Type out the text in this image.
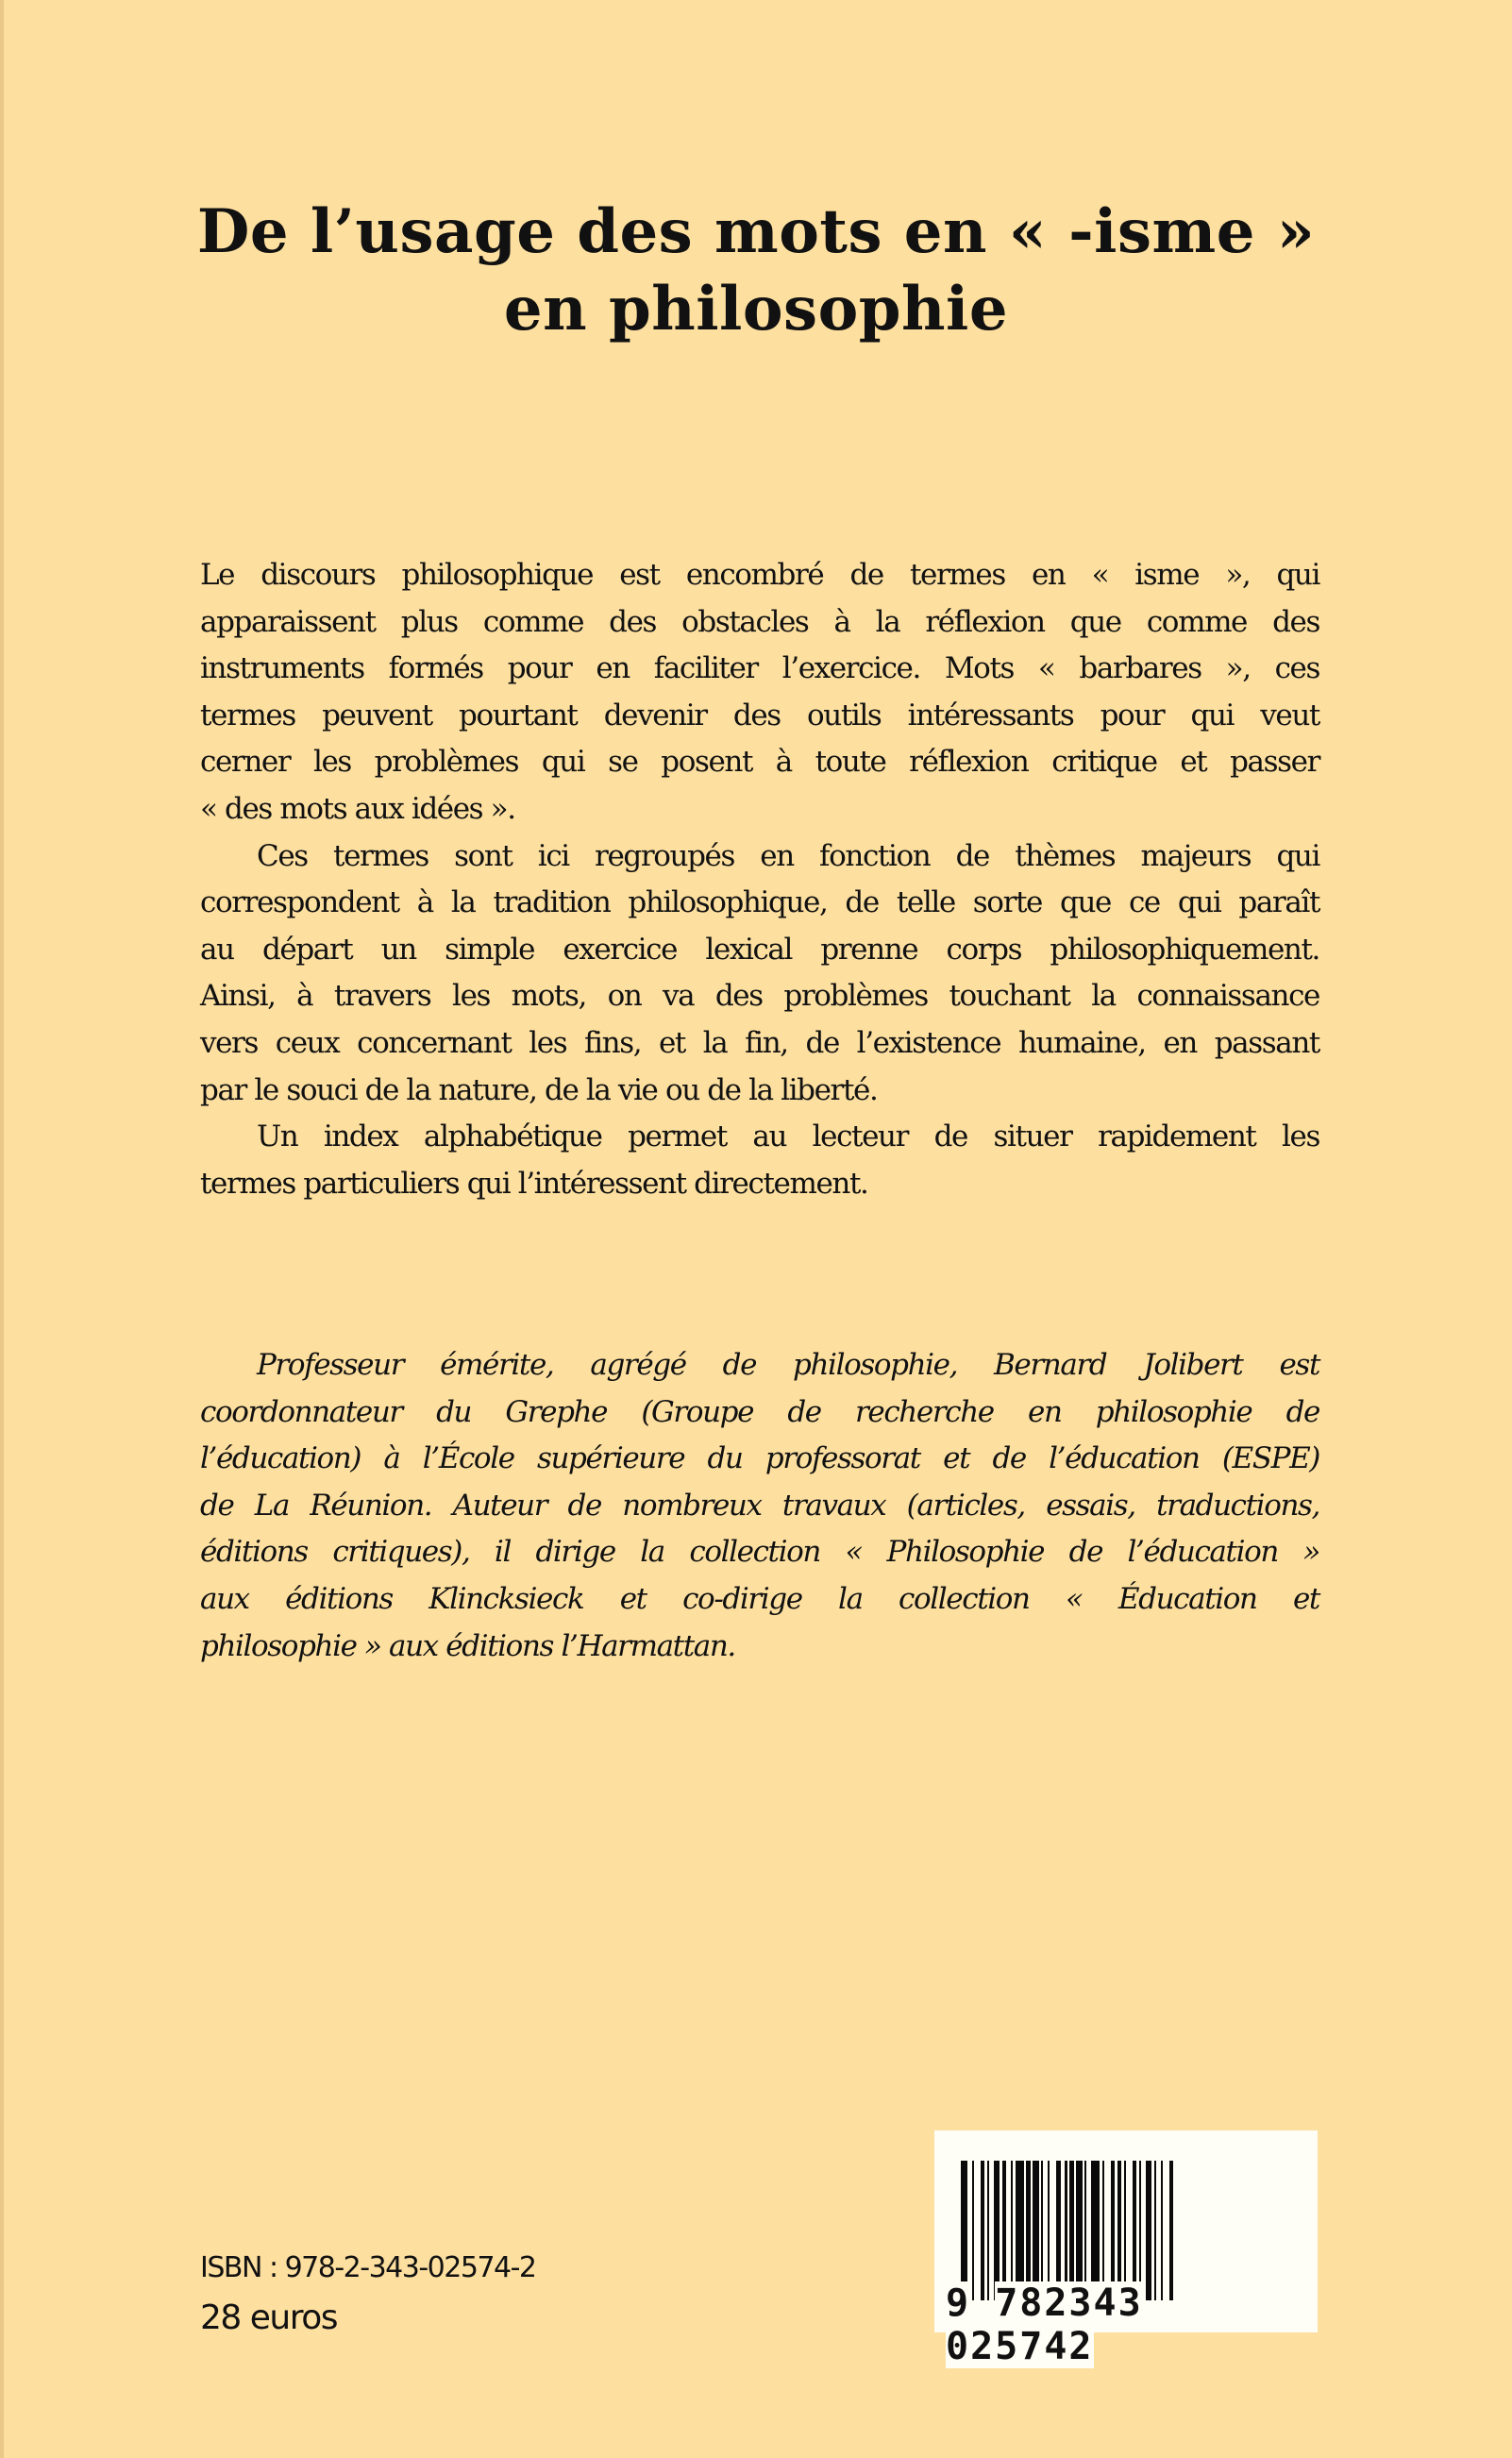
De l’usage des mots en « -isme »
en philosophie
Le discours philosophique est encombré de termes en « isme », qui
apparaissent plus comme des obstacles à la réflexion que comme des
instruments formés pour en faciliter l’exercice. Mots « barbares », ces
termes peuvent pourtant devenir des outils intéressants pour qui veut
cerner les problèmes qui se posent à toute réflexion critique et passer
« des mots aux idées ».
Ces termes sont ici regroupés en fonction de thèmes majeurs qui
correspondent à la tradition philosophique, de telle sorte que ce qui paraît
au départ un simple exercice lexical prenne corps philosophiquement.
Ainsi, à travers les mots, on va des problèmes touchant la connaissance
vers ceux concernant les fins, et la fin, de l’existence humaine, en passant
par le souci de la nature, de la vie ou de la liberté.
Un index alphabétique permet au lecteur de situer rapidement les
termes particuliers qui l’intéressent directement.
Professeur émérite, agrégé de philosophie, Bernard Jolibert est
coordonnateur du Grephe (Groupe de recherche en philosophie de
l’éducation) à l’École supérieure du professorat et de l’éducation (ESPE)
de La Réunion. Auteur de nombreux travaux (articles, essais, traductions,
éditions critiques), il dirige la collection « Philosophie de l’éducation »
aux éditions Klincksieck et co-dirige la collection « Éducation et
philosophie » aux éditions l’Harmattan.
ISBN : 978-2-343-02574-2
28 euros	9 782343 025742
